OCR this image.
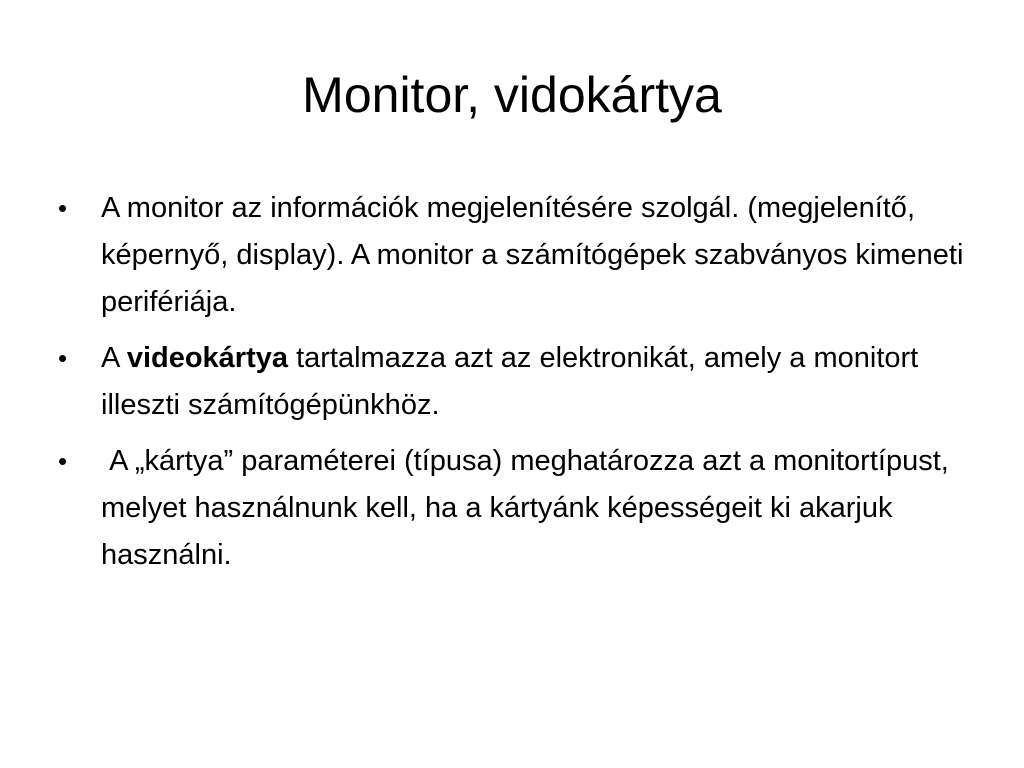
Monitor, vidokártya
•	A monitor az információk megjelenítésére szolgál. (megjelenítő, képernyő, display). A monitor a számítógépek szabványos kimeneti perifériája.
•	A videokártya tartalmazza azt az elektronikát, amely a monitort illeszti számítógépünkhöz.
•	A „kártya” paraméterei (típusa) meghatározza azt a monitortípust, melyet használnunk kell, ha a kártyánk képességeit ki akarjuk használni.
